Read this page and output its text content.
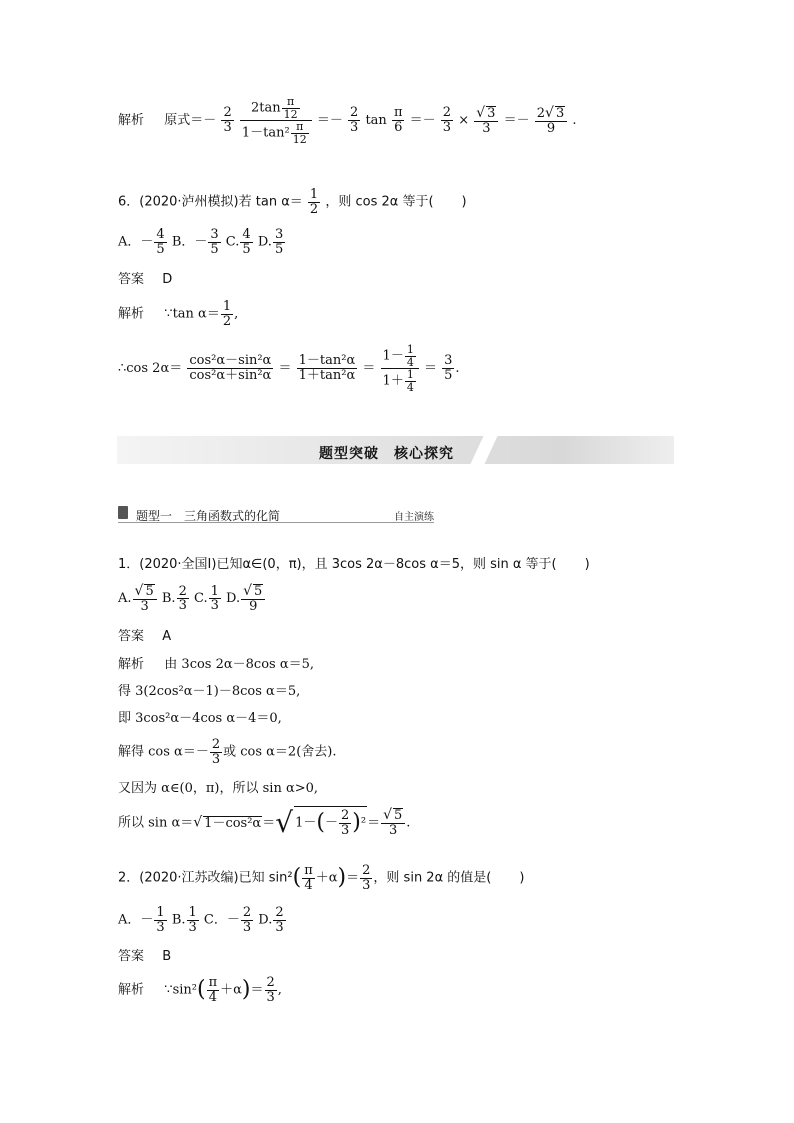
解析 原式＝－ $\frac{2}{3}$
$\frac{2\tan \frac{\pi}{12}}{1-\tan^2 \frac{\pi}{12}} =- \frac{2}{3}$ $\tan \frac{\pi}{6} =- \frac{2}{3} \times \frac{√ 3}{3} =- \frac{2√ 3}{9}$ .
6．(2020·泸州模拟)若 $\tan \alpha= \frac{1}{2}$ ，则 cos 2α 等于( )
A．－ $\frac{4}{5}$ B．－ $\frac{3}{5} C$. $\frac{4}{5} D$. $\frac{3}{5}$
答案 D
解析 ∵tan $\alpha= \frac{1}{2}$ ,
∴cos $2\alpha= \frac{\text{cos²α－sin²α}}{\text{cos²α＋sin²α}} = \frac{\text{1－tan²α}}{\text{1＋tan²α}} = \frac{1- \frac{1}{4}}{1+ \frac{1}{4}} = \frac{3}{5}$ .
题型突破　核心探究
题型一　三角函数式的化简	自主演练
1．(2020·全国Ⅰ)已知α∈(0，π)，且 3cos 2α－8cos α＝5，则 sin α 等于( )
A. $\frac{√ 5}{3} B$. $\frac{2}{3} C$. $\frac{1}{3} D$. $\frac{√ 5}{9}$
答案 A
解析 由 3cos 2α－8cos α＝5,
得 3(2cos²α－1)－8cos α＝5,
即 3cos²α－4cos α－4＝0,
解得 $\cos \alpha=- \frac{2}{3}$ 或 cos α＝2(舍去).
又因为 α∈(0，π)，所以 sin α>0,
所以 sin α＝√ 1－cos²α＝√ $1-(- \frac{2}{3} )^2= \frac{√ 5}{3}$ .
2．(2020·江苏改编)已知 $\sin^2( \frac{\pi}{4} +\alpha)= \frac{2}{3}$ ，则 sin 2α 的值是( )
A．－ $\frac{1}{3} B$. $\frac{1}{3}$ C．－ $\frac{2}{3} D$. $\frac{2}{3}$
答案 B
解析 ∵sin²( $\frac{\pi}{4} +\alpha)= \frac{2}{3}$ ,
